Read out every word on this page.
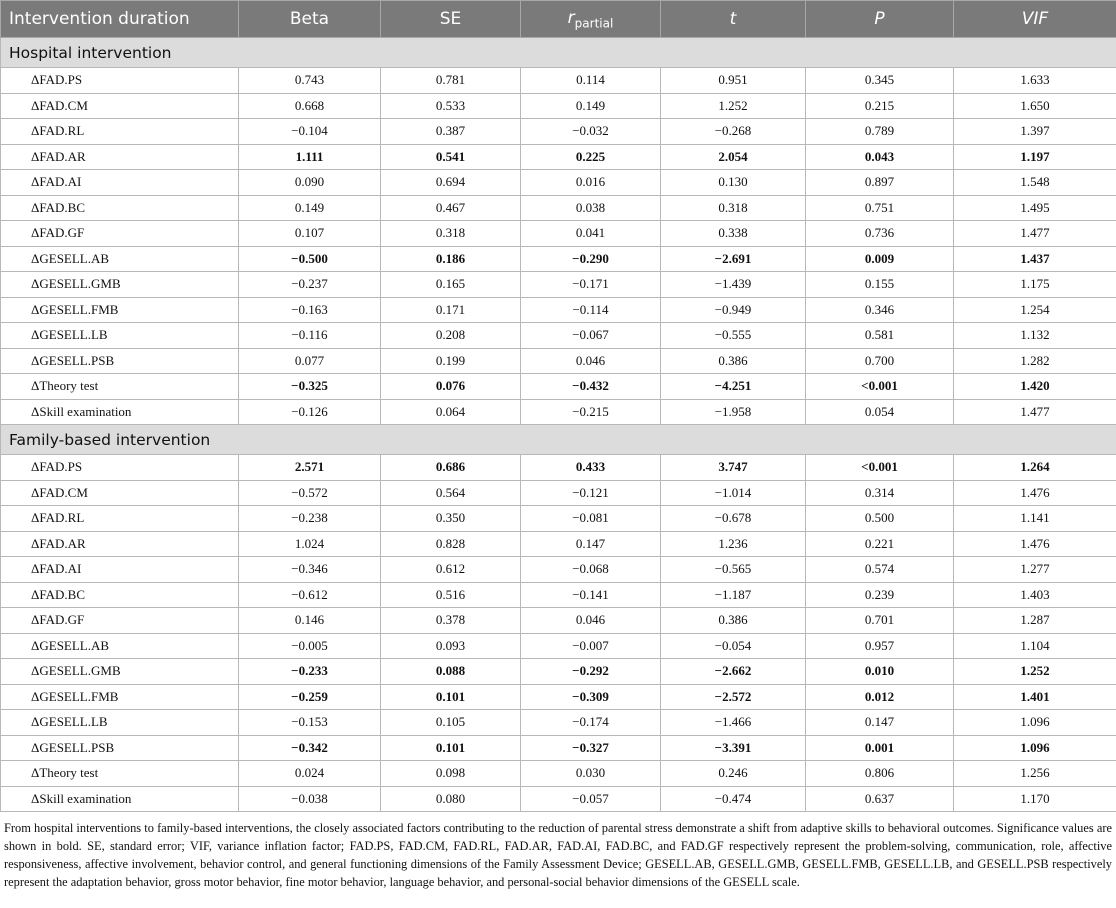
Intervention duration	Beta	SE	$r_{partial}$	t	P	VIF
Hospital intervention						
ΔFAD.PS	0.743	0.781	0.114	0.951	0.345	1.633
ΔFAD.CM	0.668	0.533	0.149	1.252	0.215	1.650
ΔFAD.RL	−0.104	0.387	−0.032	−0.268	0.789	1.397
ΔFAD.AR	1.111	0.541	0.225	2.054	0.043	1.197
ΔFAD.AI	0.090	0.694	0.016	0.130	0.897	1.548
ΔFAD.BC	0.149	0.467	0.038	0.318	0.751	1.495
ΔFAD.GF	0.107	0.318	0.041	0.338	0.736	1.477
ΔGESELL.AB	−0.500	0.186	−0.290	−2.691	0.009	1.437
ΔGESELL.GMB	−0.237	0.165	−0.171	−1.439	0.155	1.175
ΔGESELL.FMB	−0.163	0.171	−0.114	−0.949	0.346	1.254
ΔGESELL.LB	−0.116	0.208	−0.067	−0.555	0.581	1.132
ΔGESELL.PSB	0.077	0.199	0.046	0.386	0.700	1.282
ΔTheory test	−0.325	0.076	−0.432	−4.251	<0.001	1.420
ΔSkill examination	−0.126	0.064	−0.215	−1.958	0.054	1.477
Family-based intervention						
ΔFAD.PS	2.571	0.686	0.433	3.747	<0.001	1.264
ΔFAD.CM	−0.572	0.564	−0.121	−1.014	0.314	1.476
ΔFAD.RL	−0.238	0.350	−0.081	−0.678	0.500	1.141
ΔFAD.AR	1.024	0.828	0.147	1.236	0.221	1.476
ΔFAD.AI	−0.346	0.612	−0.068	−0.565	0.574	1.277
ΔFAD.BC	−0.612	0.516	−0.141	−1.187	0.239	1.403
ΔFAD.GF	0.146	0.378	0.046	0.386	0.701	1.287
ΔGESELL.AB	−0.005	0.093	−0.007	−0.054	0.957	1.104
ΔGESELL.GMB	−0.233	0.088	−0.292	−2.662	0.010	1.252
ΔGESELL.FMB	−0.259	0.101	−0.309	−2.572	0.012	1.401
ΔGESELL.LB	−0.153	0.105	−0.174	−1.466	0.147	1.096
ΔGESELL.PSB	−0.342	0.101	−0.327	−3.391	0.001	1.096
ΔTheory test	0.024	0.098	0.030	0.246	0.806	1.256
ΔSkill examination	−0.038	0.080	−0.057	−0.474	0.637	1.170
From hospital interventions to family-based interventions, the closely associated factors contributing to the reduction of parental stress demonstrate a shift from adaptive skills to behavioral outcomes. Significance values are shown in bold. SE, standard error; VIF, variance inflation factor; FAD.PS, FAD.CM, FAD.RL, FAD.AR, FAD.AI, FAD.BC, and FAD.GF respectively represent the problem-solving, communication, role, affective responsiveness, affective involvement, behavior control, and general functioning dimensions of the Family Assessment Device; GESELL.AB, GESELL.GMB, GESELL.FMB, GESELL.LB, and GESELL.PSB respectively represent the adaptation behavior, gross motor behavior, fine motor behavior, language behavior, and personal-social behavior dimensions of the GESELL scale.
